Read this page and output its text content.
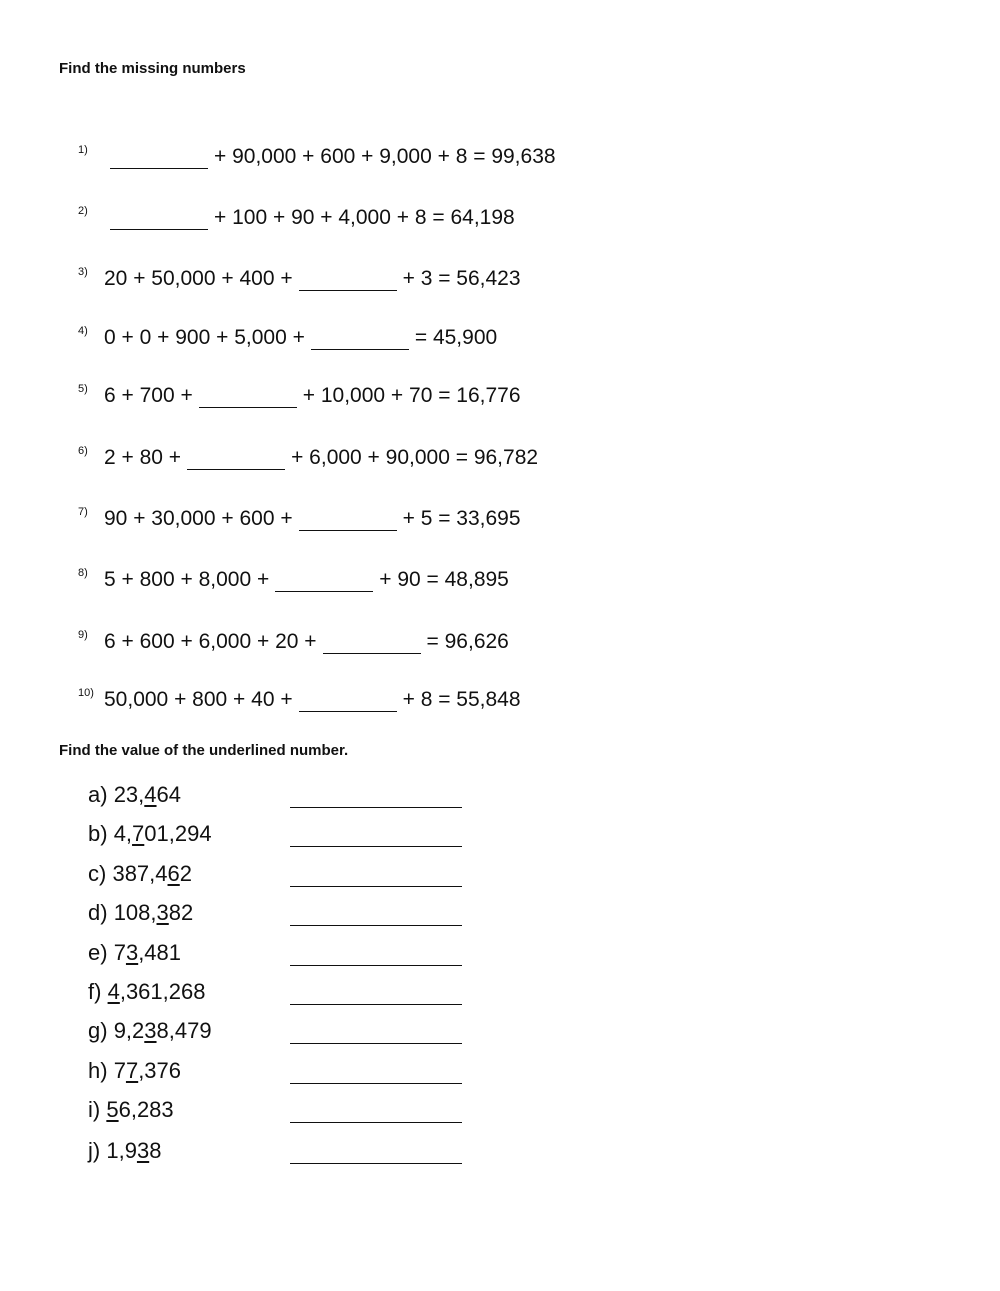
Find the missing numbers
1)	+ 90,000 + 600 + 9,000 + 8 = 99,638
2)	+ 100 + 90 + 4,000 + 8 = 64,198
3) 20 + 50,000 + 400 +	+ 3 = 56,423
4) 0 + 0 + 900 + 5,000 +	= 45,900
5) 6 + 700 +	+ 10,000 + 70 = 16,776
6) 2 + 80 +	+ 6,000 + 90,000 = 96,782
7) 90 + 30,000 + 600 +	+ 5 = 33,695
8) 5 + 800 + 8,000 +	+ 90 = 48,895
9) 6 + 600 + 6,000 + 20 +	= 96,626
10) 50,000 + 800 + 40 +	+ 8 = 55,848
Find the value of the underlined number.
a) 23,464
b) 4,701,294
c) 387,462
d) 108,382
e) 73,481
f) 4,361,268
g) 9,238,479
h) 77,376
i) 56,283
j) 1,938
